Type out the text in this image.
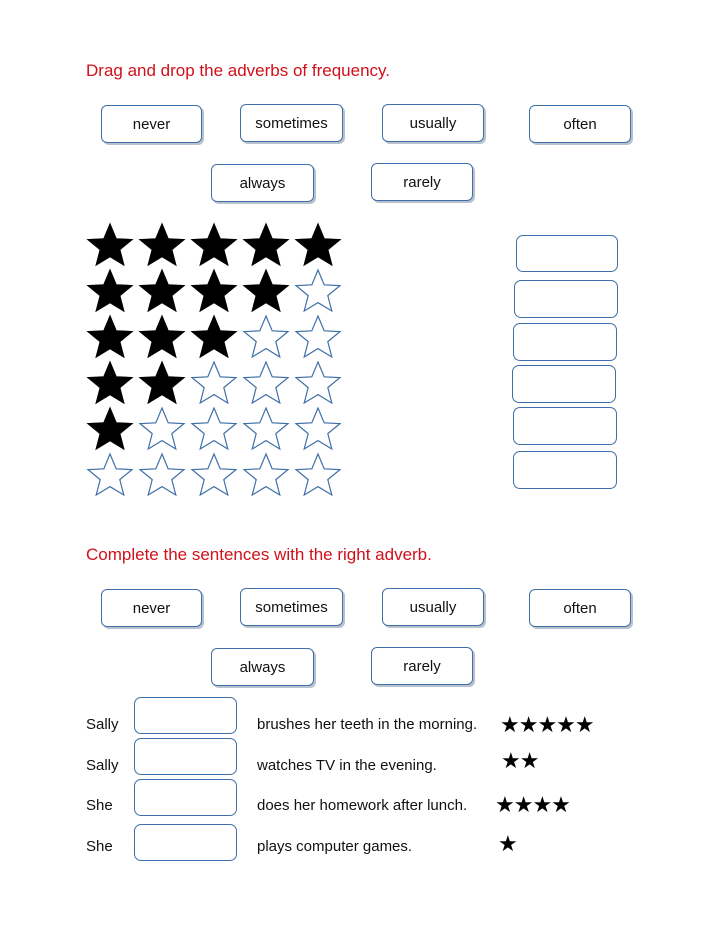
Drag and drop the adverbs of frequency.
never	sometimes	usually	often
always	rarely
Complete the sentences with the right adverb.
never	sometimes	usually	often
always	rarely
Sally	brushes her teeth in the morning. ★★★★★
Sally	watches TV in the evening.	★★
She	does her homework after lunch. ★★★★
She	plays computer games.	★
